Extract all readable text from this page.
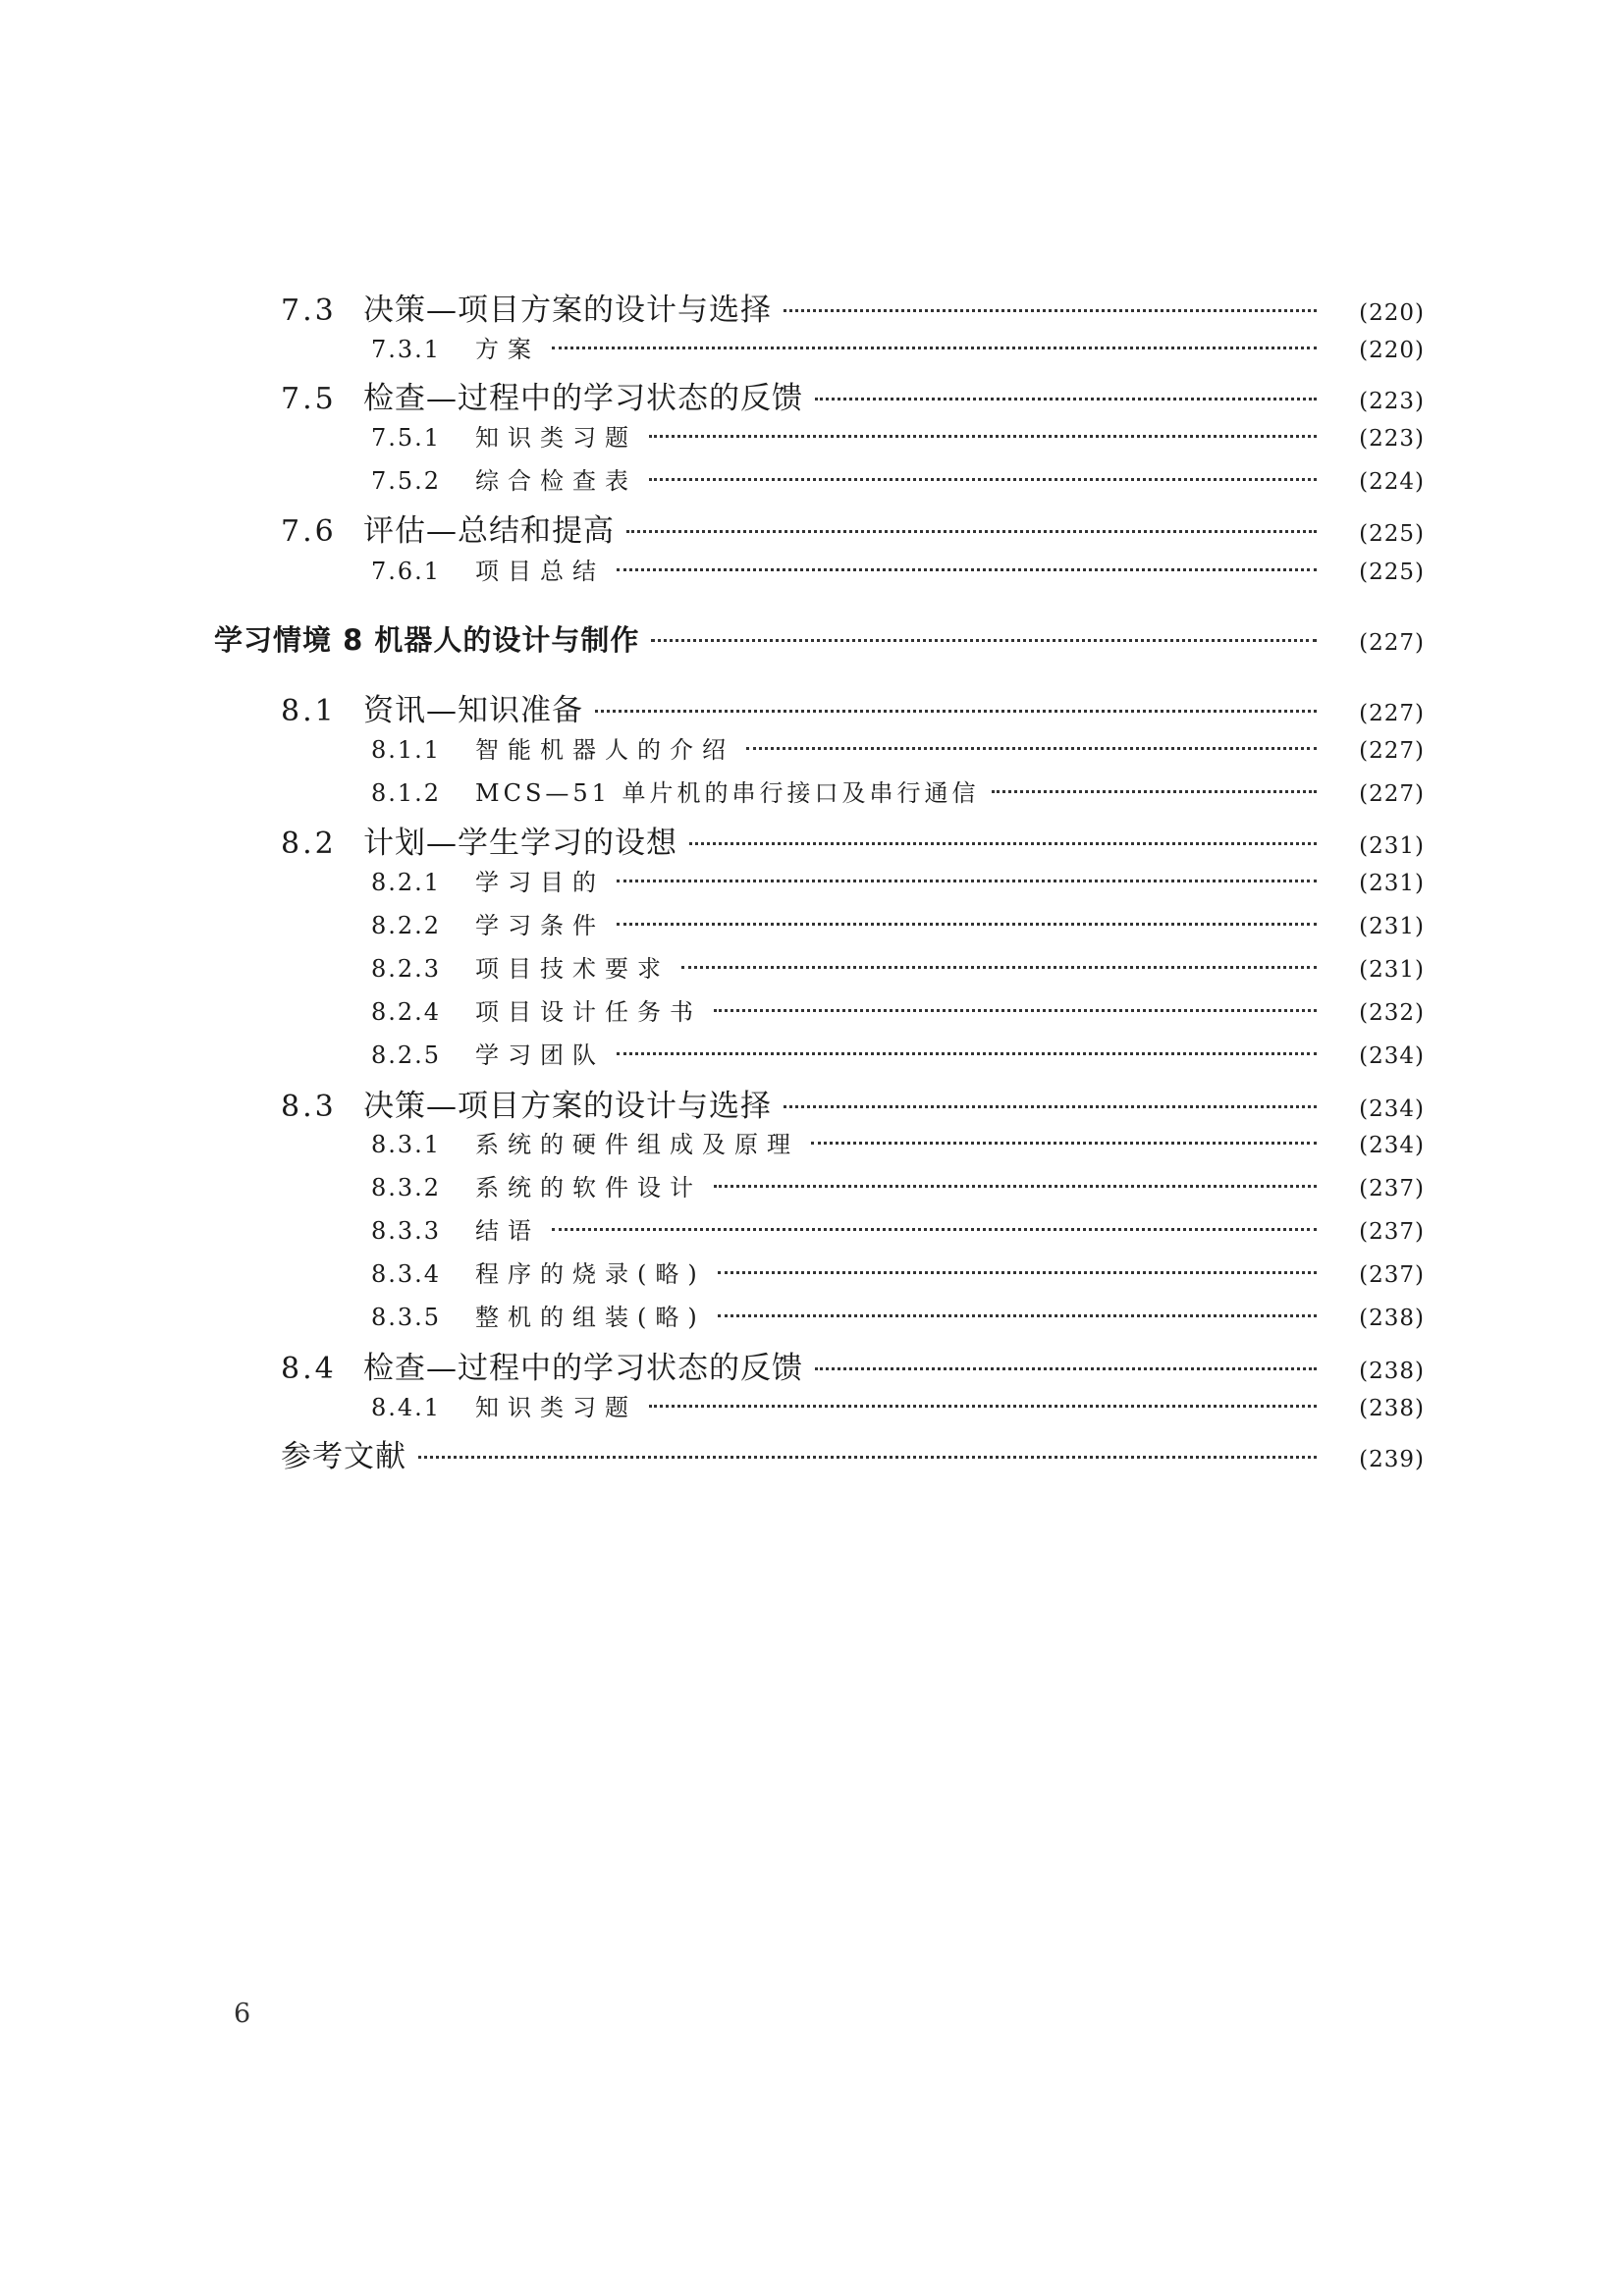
7.3 决策—项目方案的设计与选择	(220)
7.3.1	方案	(220)
7.5 检查—过程中的学习状态的反馈	(223)
7.5.1	知识类习题	(223)
7.5.2	综合检查表	(224)
7.6 评估—总结和提高	(225)
7.6.1	项目总结	(225)
学习情境 8 机器人的设计与制作	(227)
8.1 资讯—知识准备	(227)
8.1.1	智能机器人的介绍	(227)
8.1.2	MCS—51 单片机的串行接口及串行通信	(227)
8.2 计划—学生学习的设想	(231)
8.2.1	学习目的	(231)
8.2.2	学习条件	(231)
8.2.3	项目技术要求	(231)
8.2.4	项目设计任务书	(232)
8.2.5	学习团队	(234)
8.3 决策—项目方案的设计与选择	(234)
8.3.1	系统的硬件组成及原理	(234)
8.3.2	系统的软件设计	(237)
8.3.3	结语	(237)
8.3.4	程序的烧录(略)	(237)
8.3.5	整机的组装(略)	(238)
8.4 检查—过程中的学习状态的反馈	(238)
8.4.1	知识类习题	(238)
参考文献	(239)
6
